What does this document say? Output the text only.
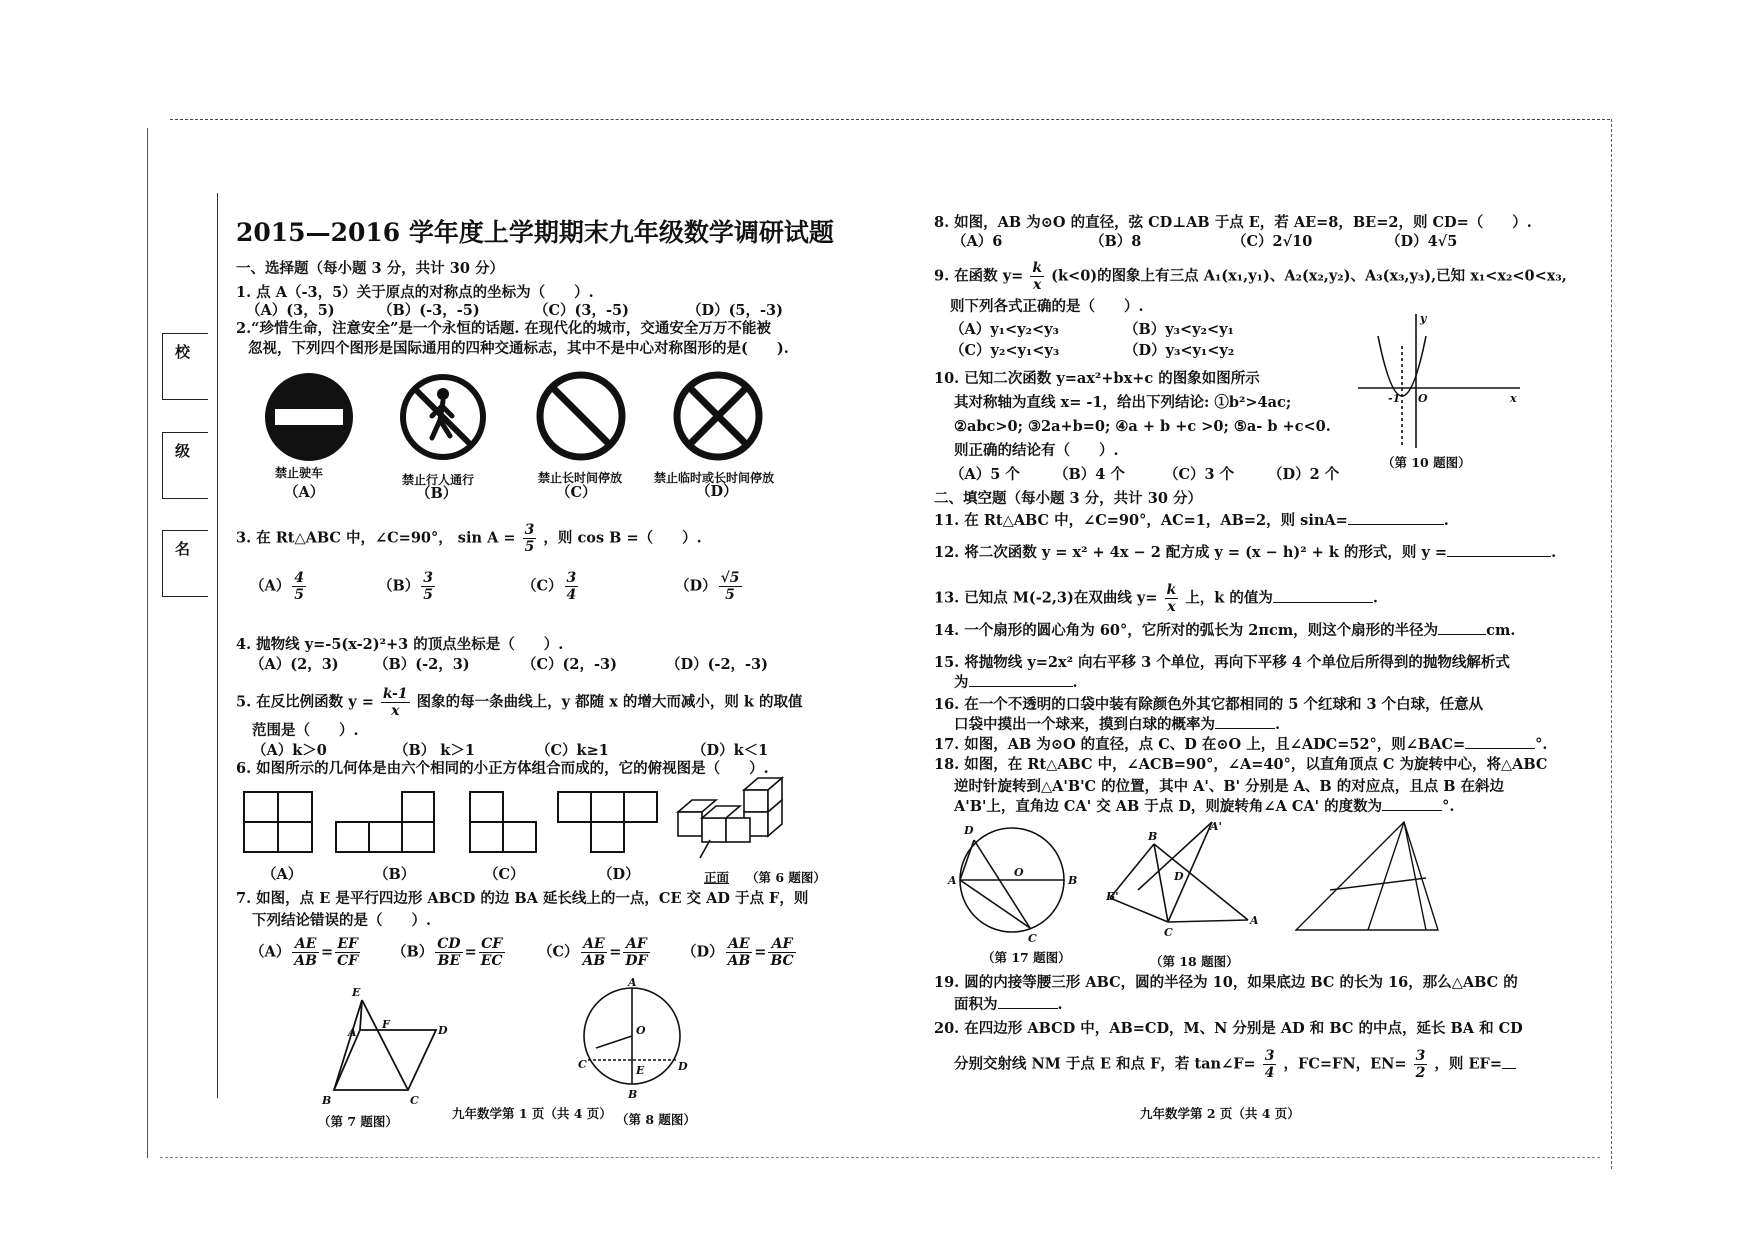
校
级
名
2015—2016 学年度上学期期末九年级数学调研试题
一、选择题（每小题 3 分，共计 30 分）
1. 点 A（-3，5）关于原点的对称点的坐标为（　　）.
（A）(3，5)	（B）(-3，-5)	（C）(3，-5)	（D）(5，-3)
2.“珍惜生命，注意安全”是一个永恒的话题. 在现代化的城市，交通安全万万不能被
忽视，下列四个图形是国际通用的四种交通标志，其中不是中心对称图形的是(　　).
禁止驶车	禁止行人通行	禁止长时间停放	禁止临时或长时间停放
（A）	（B）	（C）	（D）
3. 在 Rt△ABC 中，∠C=90°， $\sin A = \frac{3}{5}$ ，则 cos B =（　　）.
$(A) \frac{4}{5}$	$(B) \frac{3}{5}$	$(C) \frac{3}{4}$	$(D) \frac{√5}{5}$
4. 抛物线 y=-5(x-2)²+3 的顶点坐标是（　　）.
（A）(2，3) （B）(-2，3)	（C）(2，-3)	（D）(-2，-3)
5. 在反比例函数 $y = \frac{k-1}{x}$ 图象的每一条曲线上，y 都随 x 的增大而减小，则 k 的取值
范围是（　　）.
（A）k＞0	（B） k＞1	（C）k≥1	（D）k＜1
6. 如图所示的几何体是由六个相同的小正方体组合而成的，它的俯视图是（　　）.
（A）	（B）	（C）	（D）	正面 （第 6 题图）
7. 如图，点 E 是平行四边形 ABCD 的边 BA 延长线上的一点，CE 交 AD 于点 F，则
下列结论错误的是（　　）.
$(A) \frac{AE}{AB} = \frac{EF}{CF} (B) \frac{CD}{BE} = \frac{CF}{EC} (C) \frac{AE}{AB} = \frac{AF}{DF} (D) \frac{AE}{AB} = \frac{AF}{BC}$
E
A
F	D
B	C
（第 7 题图）
A
O
C	E	D
B
（第 8 题图）
九年数学第 1 页（共 4 页）
8. 如图，AB 为⊙O 的直径，弦 CD⊥AB 于点 E，若 AE=8，BE=2，则 CD=（　　）.
（A）6	（B）8	（C）2√10	（D）4√5
9. 在函数 $y= \frac{k}{x} (k<0)$的图象上有三点 A₁(x₁,y₁)、A₂(x₂,y₂)、A₃(x₃,y₃),已知 x₁<x₂<0<x₃,
则下列各式正确的是（　　）.
（A）y₁<y₂<y₃	（B）y₃<y₂<y₁
（C）y₂<y₁<y₃	（D）y₃<y₁<y₂
10. 已知二次函数 y=ax²+bx+c 的图象如图所示
其对称轴为直线 x= -1，给出下列结论: ①b²>4ac;
②abc>0; ③2a+b=0; ④a + b +c >0; ⑤a- b +c<0.
则正确的结论有（　　）.
（A）5 个 （B）4 个	（C）3 个 （D）2 个
y
x
-1 O
（第 10 题图）
二、填空题（每小题 3 分，共计 30 分）
11. 在 Rt△ABC 中，∠C=90°，AC=1，AB=2，则 sinA=	.
12. 将二次函数 y = x² + 4x − 2 配方成 y = (x − h)² + k 的形式，则 y =	.
13. 已知点 M(-2,3)在双曲线 $y= \frac{k}{x}$ 上，k 的值为	.
14. 一个扇形的圆心角为 60°，它所对的弧长为 2πcm，则这个扇形的半径为	cm.
15. 将抛物线 y=2x² 向右平移 3 个单位，再向下平移 4 个单位后所得到的抛物线解析式
为	.
16. 在一个不透明的口袋中装有除颜色外其它都相同的 5 个红球和 3 个白球，任意从
口袋中摸出一个球来，摸到白球的概率为	.
17. 如图，AB 为⊙O 的直径，点 C、D 在⊙O 上，且∠ADC=52°，则∠BAC=	°.
18. 如图，在 Rt△ABC 中，∠ACB=90°，∠A=40°，以直角顶点 C 为旋转中心，将△ABC
逆时针旋转到△A'B'C 的位置，其中 A'、B' 分别是 A、B 的对应点，且点 B 在斜边
A'B'上，直角边 CA' 交 AB 于点 D，则旋转角∠A CA' 的度数为	°.
D
A
O
B
C
（第 17 题图）
A'
B
D
B'
C
A
（第 18 题图）
19. 圆的内接等腰三形 ABC，圆的半径为 10，如果底边 BC 的长为 16，那么△ABC 的
面积为	.
20. 在四边形 ABCD 中，AB=CD，M、N 分别是 AD 和 BC 的中点，延长 BA 和 CD
分别交射线 NM 于点 E 和点 F，若 tan∠F= $\frac{3}{4}$ ，FC=FN，$EN= \frac{3}{2}$ ，则 EF=
九年数学第 2 页（共 4 页）
